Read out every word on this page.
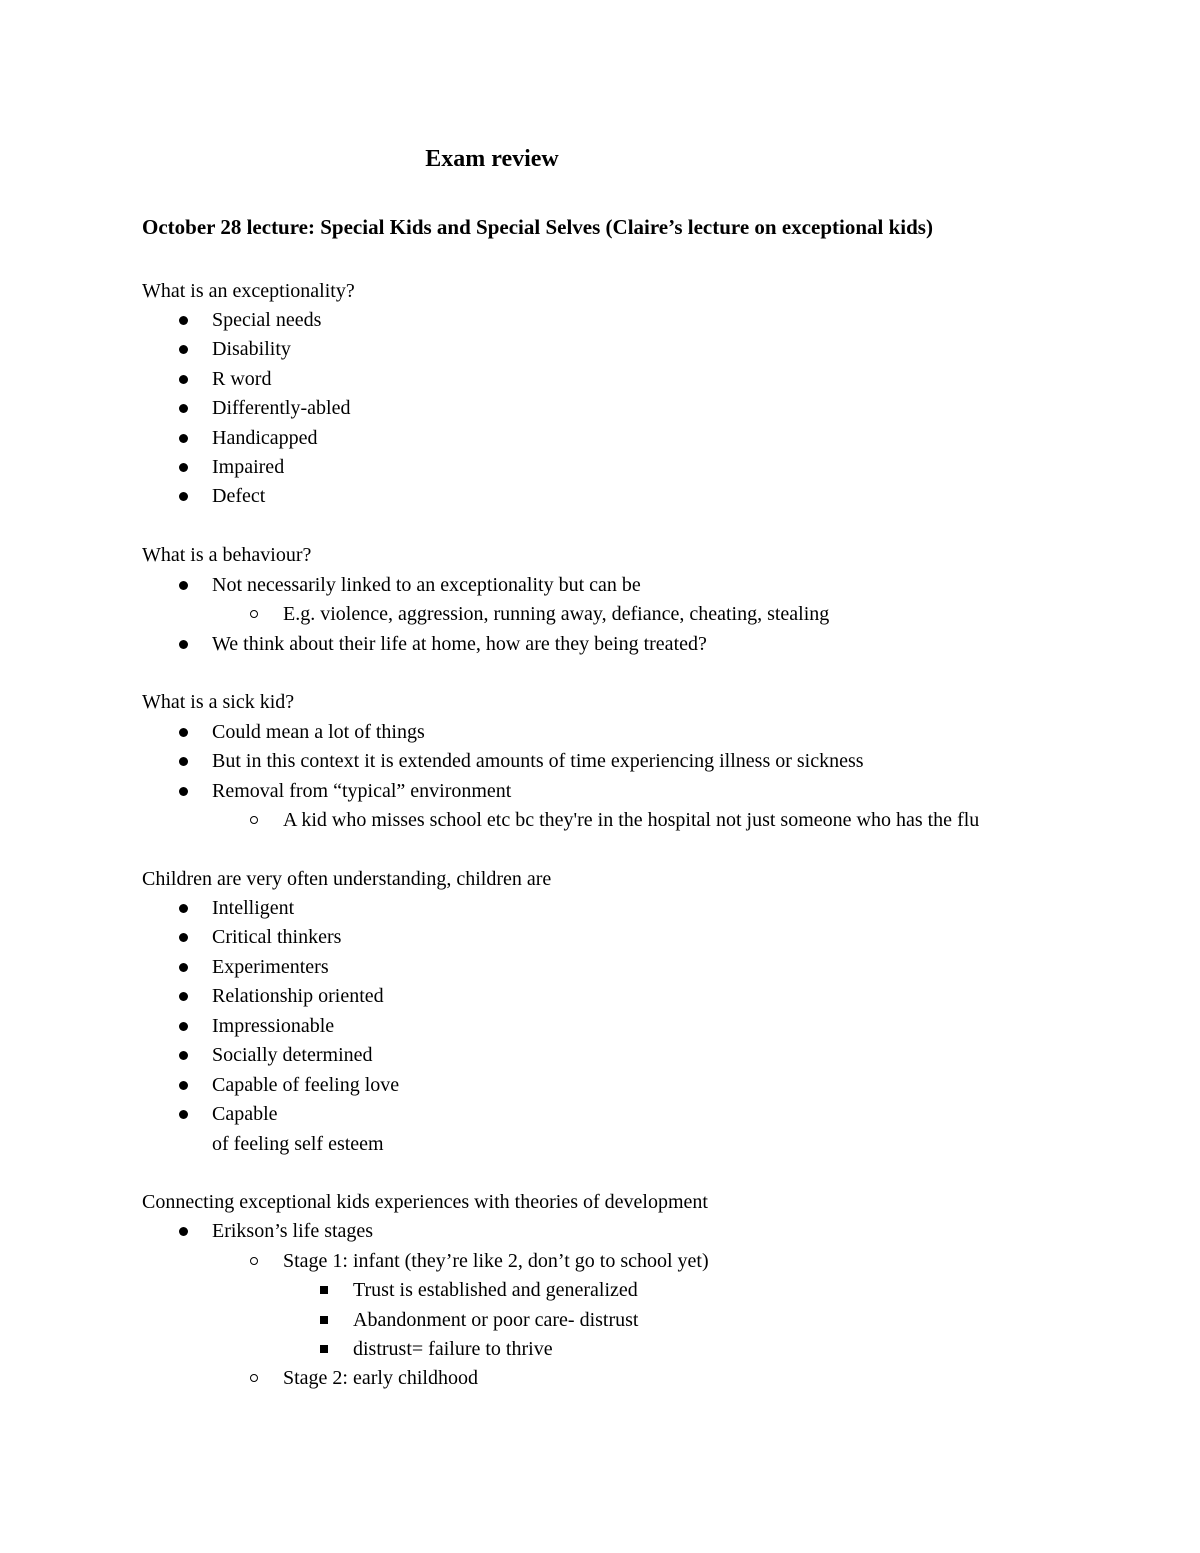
Exam review
October 28 lecture: Special Kids and Special Selves (Claire’s lecture on exceptional kids)
What is an exceptionality?
Special needs
Disability
R word
Differently-abled
Handicapped
Impaired
Defect
What is a behaviour?
Not necessarily linked to an exceptionality but can be
E.g. violence, aggression, running away, defiance, cheating, stealing
We think about their life at home, how are they being treated?
What is a sick kid?
Could mean a lot of things
But in this context it is extended amounts of time experiencing illness or sickness
Removal from “typical” environment
A kid who misses school etc bc they're in the hospital not just someone who has the flu
Children are very often understanding, children are
Intelligent
Critical thinkers
Experimenters
Relationship oriented
Impressionable
Socially determined
Capable of feeling love
Capable
of feeling self esteem
Connecting exceptional kids experiences with theories of development
Erikson’s life stages
Stage 1: infant (they’re like 2, don’t go to school yet)
Trust is established and generalized
Abandonment or poor care- distrust
distrust= failure to thrive
Stage 2: early childhood
